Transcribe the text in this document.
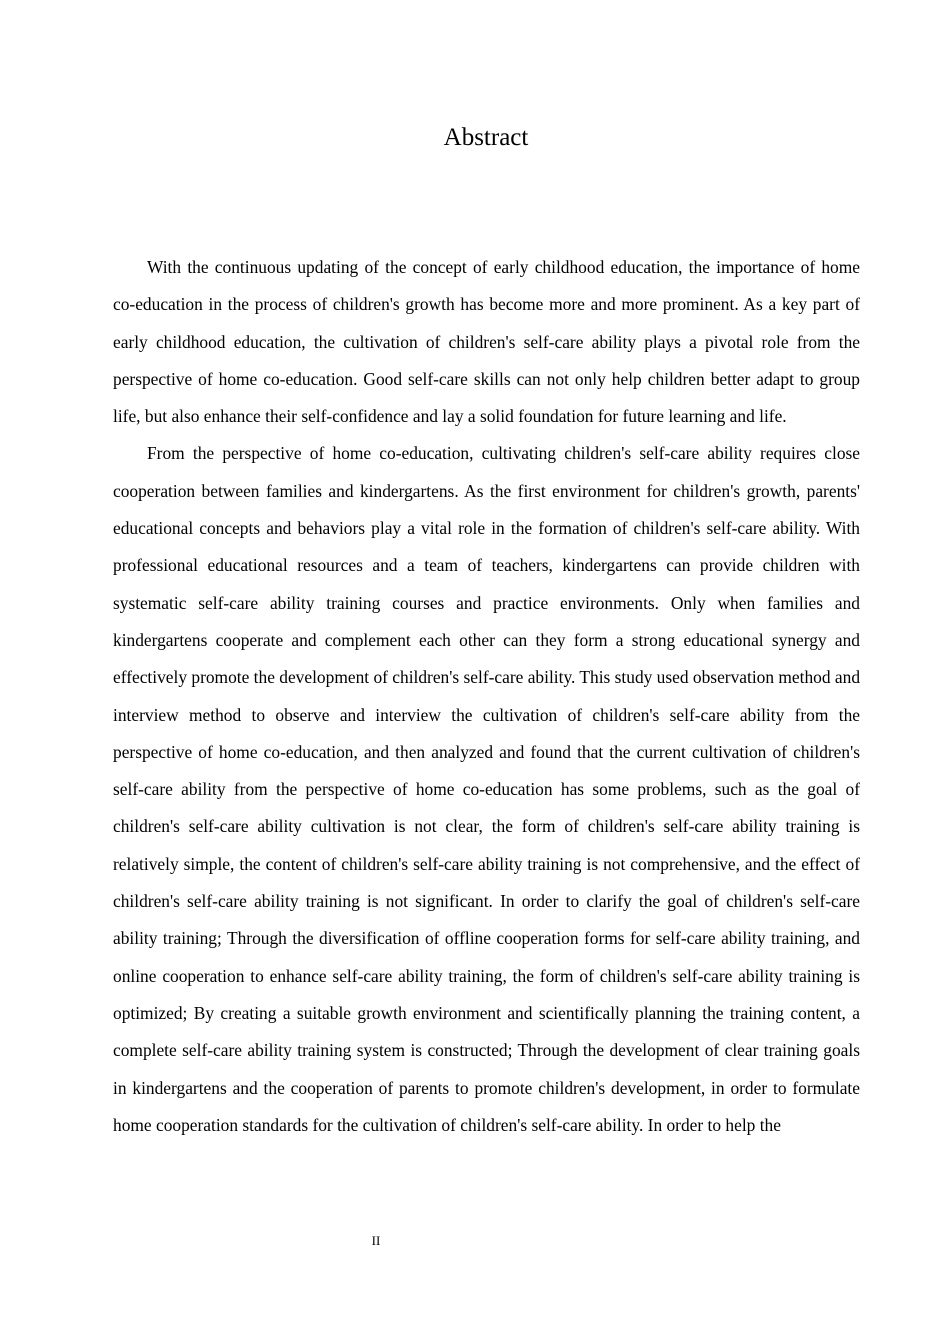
Abstract

With the continuous updating of the concept of early childhood education, the importance of home co-education in the process of children's growth has become more and more prominent. As a key part of early childhood education, the cultivation of children's self-care ability plays a pivotal role from the perspective of home co-education. Good self-care skills can not only help children better adapt to group life, but also enhance their self-confidence and lay a solid foundation for future learning and life.

From the perspective of home co-education, cultivating children's self-care ability requires close cooperation between families and kindergartens. As the first environment for children's growth, parents' educational concepts and behaviors play a vital role in the formation of children's self-care ability. With professional educational resources and a team of teachers, kindergartens can provide children with systematic self-care ability training courses and practice environments. Only when families and kindergartens cooperate and complement each other can they form a strong educational synergy and effectively promote the development of children's self-care ability. This study used observation method and interview method to observe and interview the cultivation of children's self-care ability from the perspective of home co-education, and then analyzed and found that the current cultivation of children's self-care ability from the perspective of home co-education has some problems, such as the goal of children's self-care ability cultivation is not clear, the form of children's self-care ability training is relatively simple, the content of children's self-care ability training is not comprehensive, and the effect of children's self-care ability training is not significant. In order to clarify the goal of children's self-care ability training; Through the diversification of offline cooperation forms for self-care ability training, and online cooperation to enhance self-care ability training, the form of children's self-care ability training is optimized; By creating a suitable growth environment and scientifically planning the training content, a complete self-care ability training system is constructed; Through the development of clear training goals in kindergartens and the cooperation of parents to promote children's development, in order to formulate home cooperation standards for the cultivation of children's self-care ability. In order to help the

II
